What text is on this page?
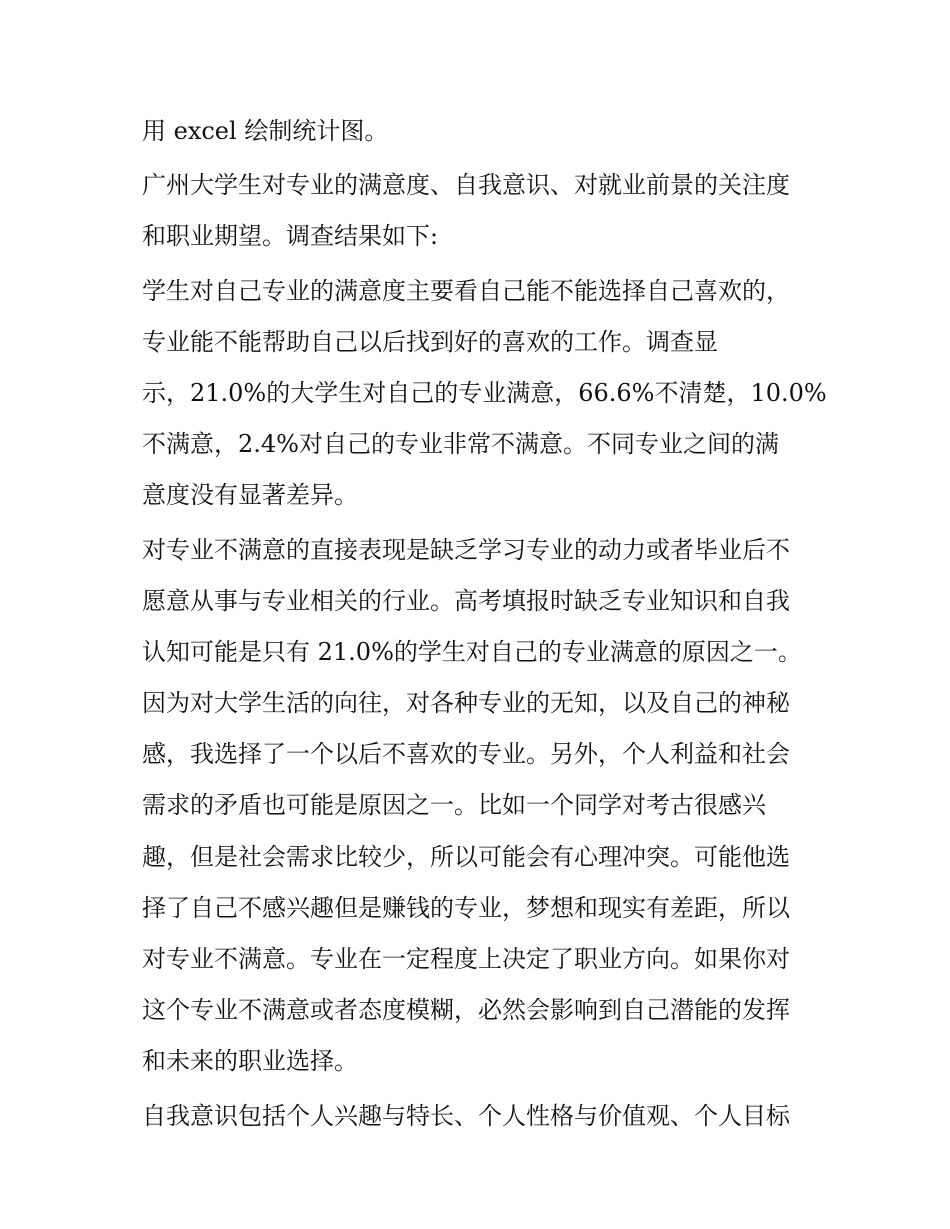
用 excel 绘制统计图。

广州大学生对专业的满意度、自我意识、对就业前景的关注度
和职业期望。调查结果如下:

学生对自己专业的满意度主要看自己能不能选择自己喜欢的，
专业能不能帮助自己以后找到好的喜欢的工作。调查显
示，21.0%的大学生对自己的专业满意，66.6%不清楚，10.0%
不满意，2.4%对自己的专业非常不满意。不同专业之间的满
意度没有显著差异。

对专业不满意的直接表现是缺乏学习专业的动力或者毕业后不
愿意从事与专业相关的行业。高考填报时缺乏专业知识和自我
认知可能是只有 21.0%的学生对自己的专业满意的原因之一。
因为对大学生活的向往，对各种专业的无知，以及自己的神秘
感，我选择了一个以后不喜欢的专业。另外，个人利益和社会
需求的矛盾也可能是原因之一。比如一个同学对考古很感兴
趣，但是社会需求比较少，所以可能会有心理冲突。可能他选
择了自己不感兴趣但是赚钱的专业，梦想和现实有差距，所以
对专业不满意。专业在一定程度上决定了职业方向。如果你对
这个专业不满意或者态度模糊，必然会影响到自己潜能的发挥
和未来的职业选择。

自我意识包括个人兴趣与特长、个人性格与价值观、个人目标
